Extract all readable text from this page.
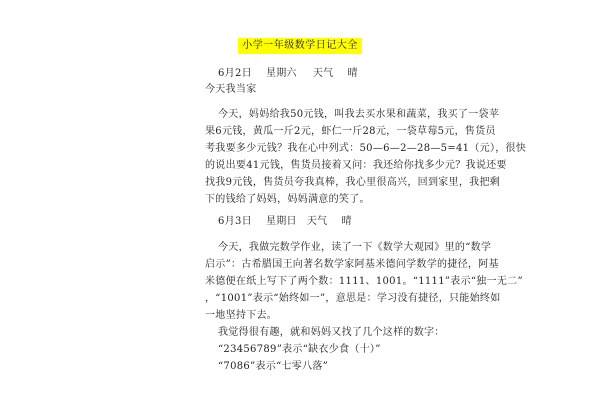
小学一年级数学日记大全
6月2日 星期六 天气 晴
今天我当家
今天，妈妈给我50元钱，叫我去买水果和蔬菜，我买了一袋苹
果6元钱，黄瓜一斤2元，虾仁一斤28元，一袋草莓5元，售货员
考我要多少元钱？我在心中列式：50—6—2—28—5=41（元），很快
的说出要41元钱，售货员接着又问：我还给你找多少元？我说还要
找我9元钱，售货员夸我真棒，我心里很高兴，回到家里，我把剩
下的钱给了妈妈，妈妈满意的笑了。
6月3日 星期日 天气 晴
今天，我做完数学作业，读了一下《数学大观园》里的“数学
启示”：古希腊国王向著名数学家阿基米德问学数学的捷径，阿基
米德便在纸上写下了两个数：1111、1001。“1111”表示“独一无二”
，“1001”表示“始终如一”，意思是：学习没有捷径，只能始终如
一地坚持下去。
我觉得很有趣，就和妈妈又找了几个这样的数字：
“23456789”表示“缺衣少食（十）”
“7086”表示“七零八落”
